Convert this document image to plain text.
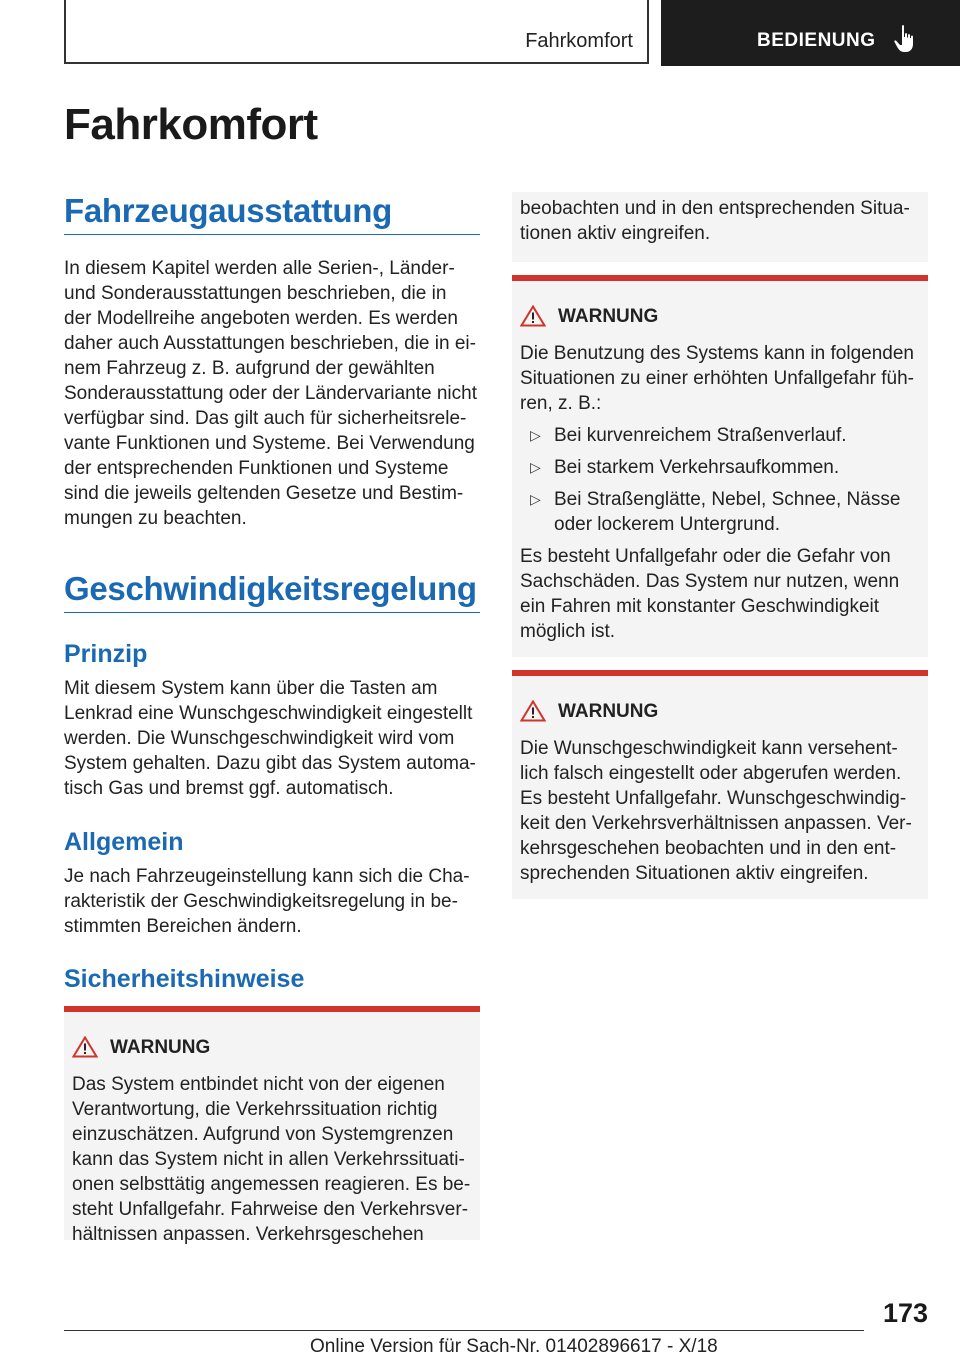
Fahrkomfort	BEDIENUNG
Fahrkomfort
Fahrzeugausstattung
In diesem Kapitel werden alle Serien-, Länder-
und Sonderausstattungen beschrieben, die in
der Modellreihe angeboten werden. Es werden
daher auch Ausstattungen beschrieben, die in ei-
nem Fahrzeug z. B. aufgrund der gewählten
Sonderausstattung oder der Ländervariante nicht
verfügbar sind. Das gilt auch für sicherheitsrele-
vante Funktionen und Systeme. Bei Verwendung
der entsprechenden Funktionen und Systeme
sind die jeweils geltenden Gesetze und Bestim-
mungen zu beachten.
Geschwindigkeitsregelung
Prinzip
Mit diesem System kann über die Tasten am
Lenkrad eine Wunschgeschwindigkeit eingestellt
werden. Die Wunschgeschwindigkeit wird vom
System gehalten. Dazu gibt das System automa-
tisch Gas und bremst ggf. automatisch.
Allgemein
Je nach Fahrzeugeinstellung kann sich die Cha-
rakteristik der Geschwindigkeitsregelung in be-
stimmten Bereichen ändern.
Sicherheitshinweise
WARNUNG
Das System entbindet nicht von der eigenen
Verantwortung, die Verkehrssituation richtig
einzuschätzen. Aufgrund von Systemgrenzen
kann das System nicht in allen Verkehrssituati-
onen selbsttätig angemessen reagieren. Es be-
steht Unfallgefahr. Fahrweise den Verkehrsver-
hältnissen anpassen. Verkehrsgeschehen
beobachten und in den entsprechenden Situa-
tionen aktiv eingreifen.
WARNUNG
Die Benutzung des Systems kann in folgenden
Situationen zu einer erhöhten Unfallgefahr füh-
ren, z. B.:
▷ Bei kurvenreichem Straßenverlauf.
▷ Bei starkem Verkehrsaufkommen.
▷ Bei Straßenglätte, Nebel, Schnee, Nässe
oder lockerem Untergrund.
Es besteht Unfallgefahr oder die Gefahr von
Sachschäden. Das System nur nutzen, wenn
ein Fahren mit konstanter Geschwindigkeit
möglich ist.
WARNUNG
Die Wunschgeschwindigkeit kann versehent-
lich falsch eingestellt oder abgerufen werden.
Es besteht Unfallgefahr. Wunschgeschwindig-
keit den Verkehrsverhältnissen anpassen. Ver-
kehrsgeschehen beobachten und in den ent-
sprechenden Situationen aktiv eingreifen.
173
Online Version für Sach-Nr. 01402896617 - X/18
